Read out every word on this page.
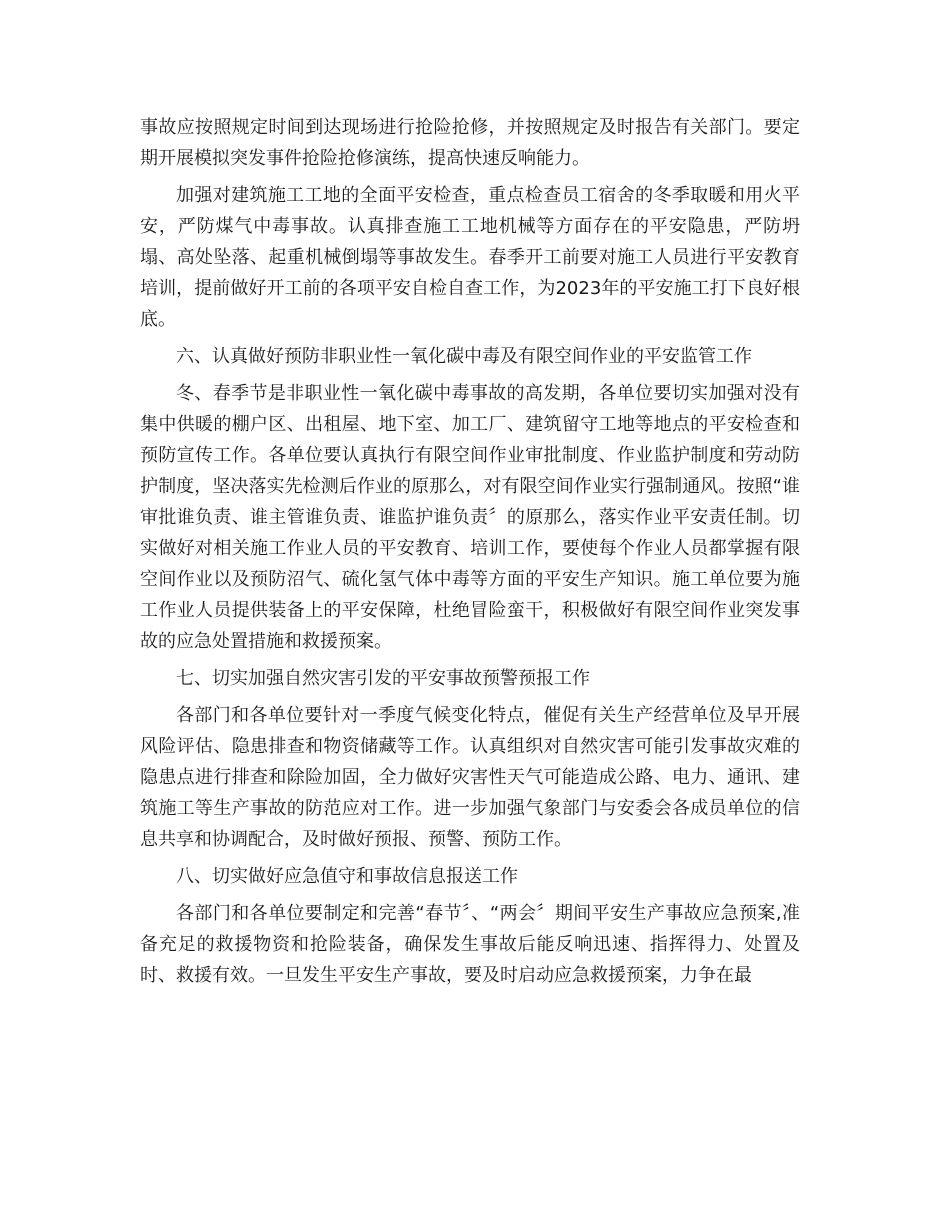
事故应按照规定时间到达现场进行抢险抢修，并按照规定及时报告有关部门。要定期开展模拟突发事件抢险抢修演练，提高快速反响能力。

加强对建筑施工工地的全面平安检查，重点检查员工宿舍的冬季取暖和用火平安，严防煤气中毒事故。认真排查施工工地机械等方面存在的平安隐患，严防坍塌、高处坠落、起重机械倒塌等事故发生。春季开工前要对施工人员进行平安教育培训，提前做好开工前的各项平安自检自查工作，为2023年的平安施工打下良好根底。

六、认真做好预防非职业性一氧化碳中毒及有限空间作业的平安监管工作

冬、春季节是非职业性一氧化碳中毒事故的高发期，各单位要切实加强对没有集中供暖的棚户区、出租屋、地下室、加工厂、建筑留守工地等地点的平安检查和预防宣传工作。各单位要认真执行有限空间作业审批制度、作业监护制度和劳动防护制度，坚决落实先检测后作业的原那么，对有限空间作业实行强制通风。按照“谁审批谁负责、谁主管谁负责、谁监护谁负责〞的原那么，落实作业平安责任制。切实做好对相关施工作业人员的平安教育、培训工作，要使每个作业人员都掌握有限空间作业以及预防沼气、硫化氢气体中毒等方面的平安生产知识。施工单位要为施工作业人员提供装备上的平安保障，杜绝冒险蛮干，积极做好有限空间作业突发事故的应急处置措施和救援预案。

七、切实加强自然灾害引发的平安事故预警预报工作

各部门和各单位要针对一季度气候变化特点，催促有关生产经营单位及早开展风险评估、隐患排查和物资储藏等工作。认真组织对自然灾害可能引发事故灾难的隐患点进行排查和除险加固，全力做好灾害性天气可能造成公路、电力、通讯、建筑施工等生产事故的防范应对工作。进一步加强气象部门与安委会各成员单位的信息共享和协调配合，及时做好预报、预警、预防工作。

八、切实做好应急值守和事故信息报送工作

各部门和各单位要制定和完善“春节〞、“两会〞期间平安生产事故应急预案,准备充足的救援物资和抢险装备，确保发生事故后能反响迅速、指挥得力、处置及时、救援有效。一旦发生平安生产事故，要及时启动应急救援预案，力争在最
